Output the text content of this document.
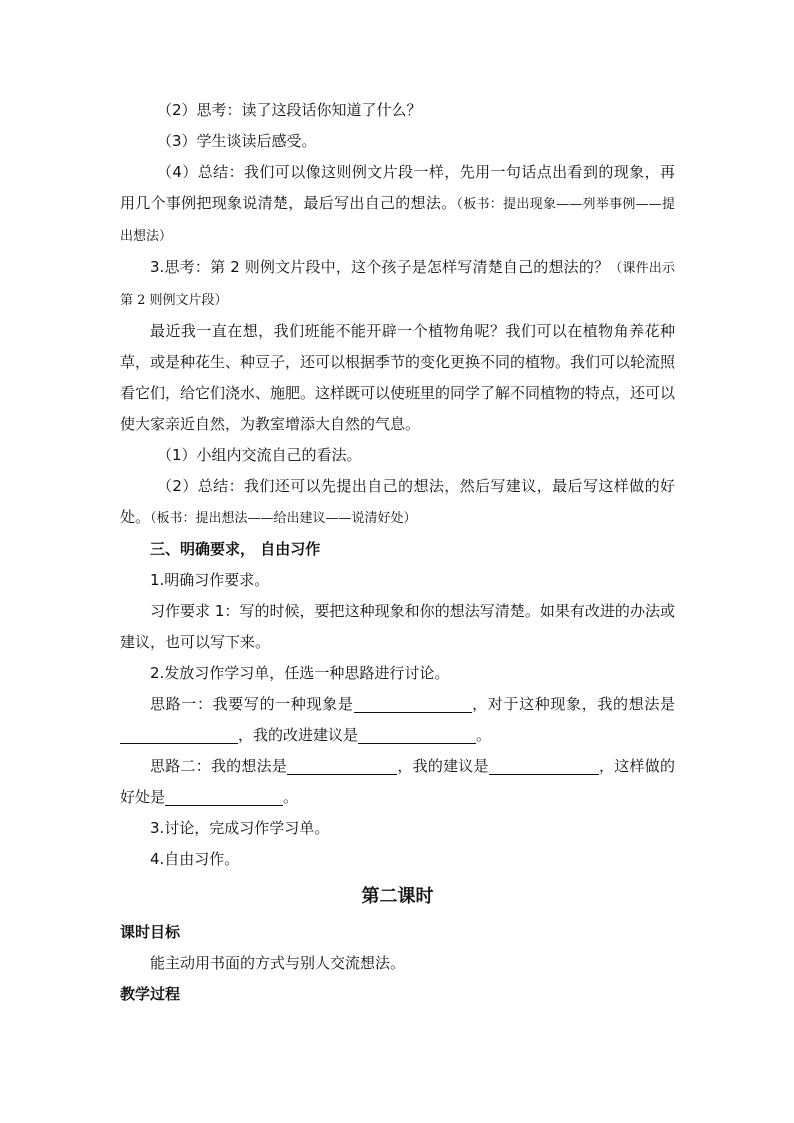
（2）思考：读了这段话你知道了什么？

（3）学生谈读后感受。

（4）总结：我们可以像这则例文片段一样，先用一句话点出看到的现象，再用几个事例把现象说清楚，最后写出自己的想法。（板书：提出现象——列举事例——提出想法）

3.思考：第 2 则例文片段中，这个孩子是怎样写清楚自己的想法的？（课件出示第 2 则例文片段）

最近我一直在想，我们班能不能开辟一个植物角呢？我们可以在植物角养花种草，或是种花生、种豆子，还可以根据季节的变化更换不同的植物。我们可以轮流照看它们，给它们浇水、施肥。这样既可以使班里的同学了解不同植物的特点，还可以使大家亲近自然，为教室增添大自然的气息。

（1）小组内交流自己的看法。

（2）总结：我们还可以先提出自己的想法，然后写建议，最后写这样做的好处。（板书：提出想法——给出建议——说清好处）

三、明确要求， 自由习作

1.明确习作要求。

习作要求 1：写的时候，要把这种现象和你的想法写清楚。如果有改进的办法或建议，也可以写下来。

2.发放习作学习单，任选一种思路进行讨论。

思路一：我要写的一种现象是	，对于这种现象，我的想法是，我的改进建议是	。

思路二：我的想法是	，我的建议是	，这样做的好处是	。

3.讨论，完成习作学习单。

4.自由习作。

第二课时

课时目标

能主动用书面的方式与别人交流想法。

教学过程
